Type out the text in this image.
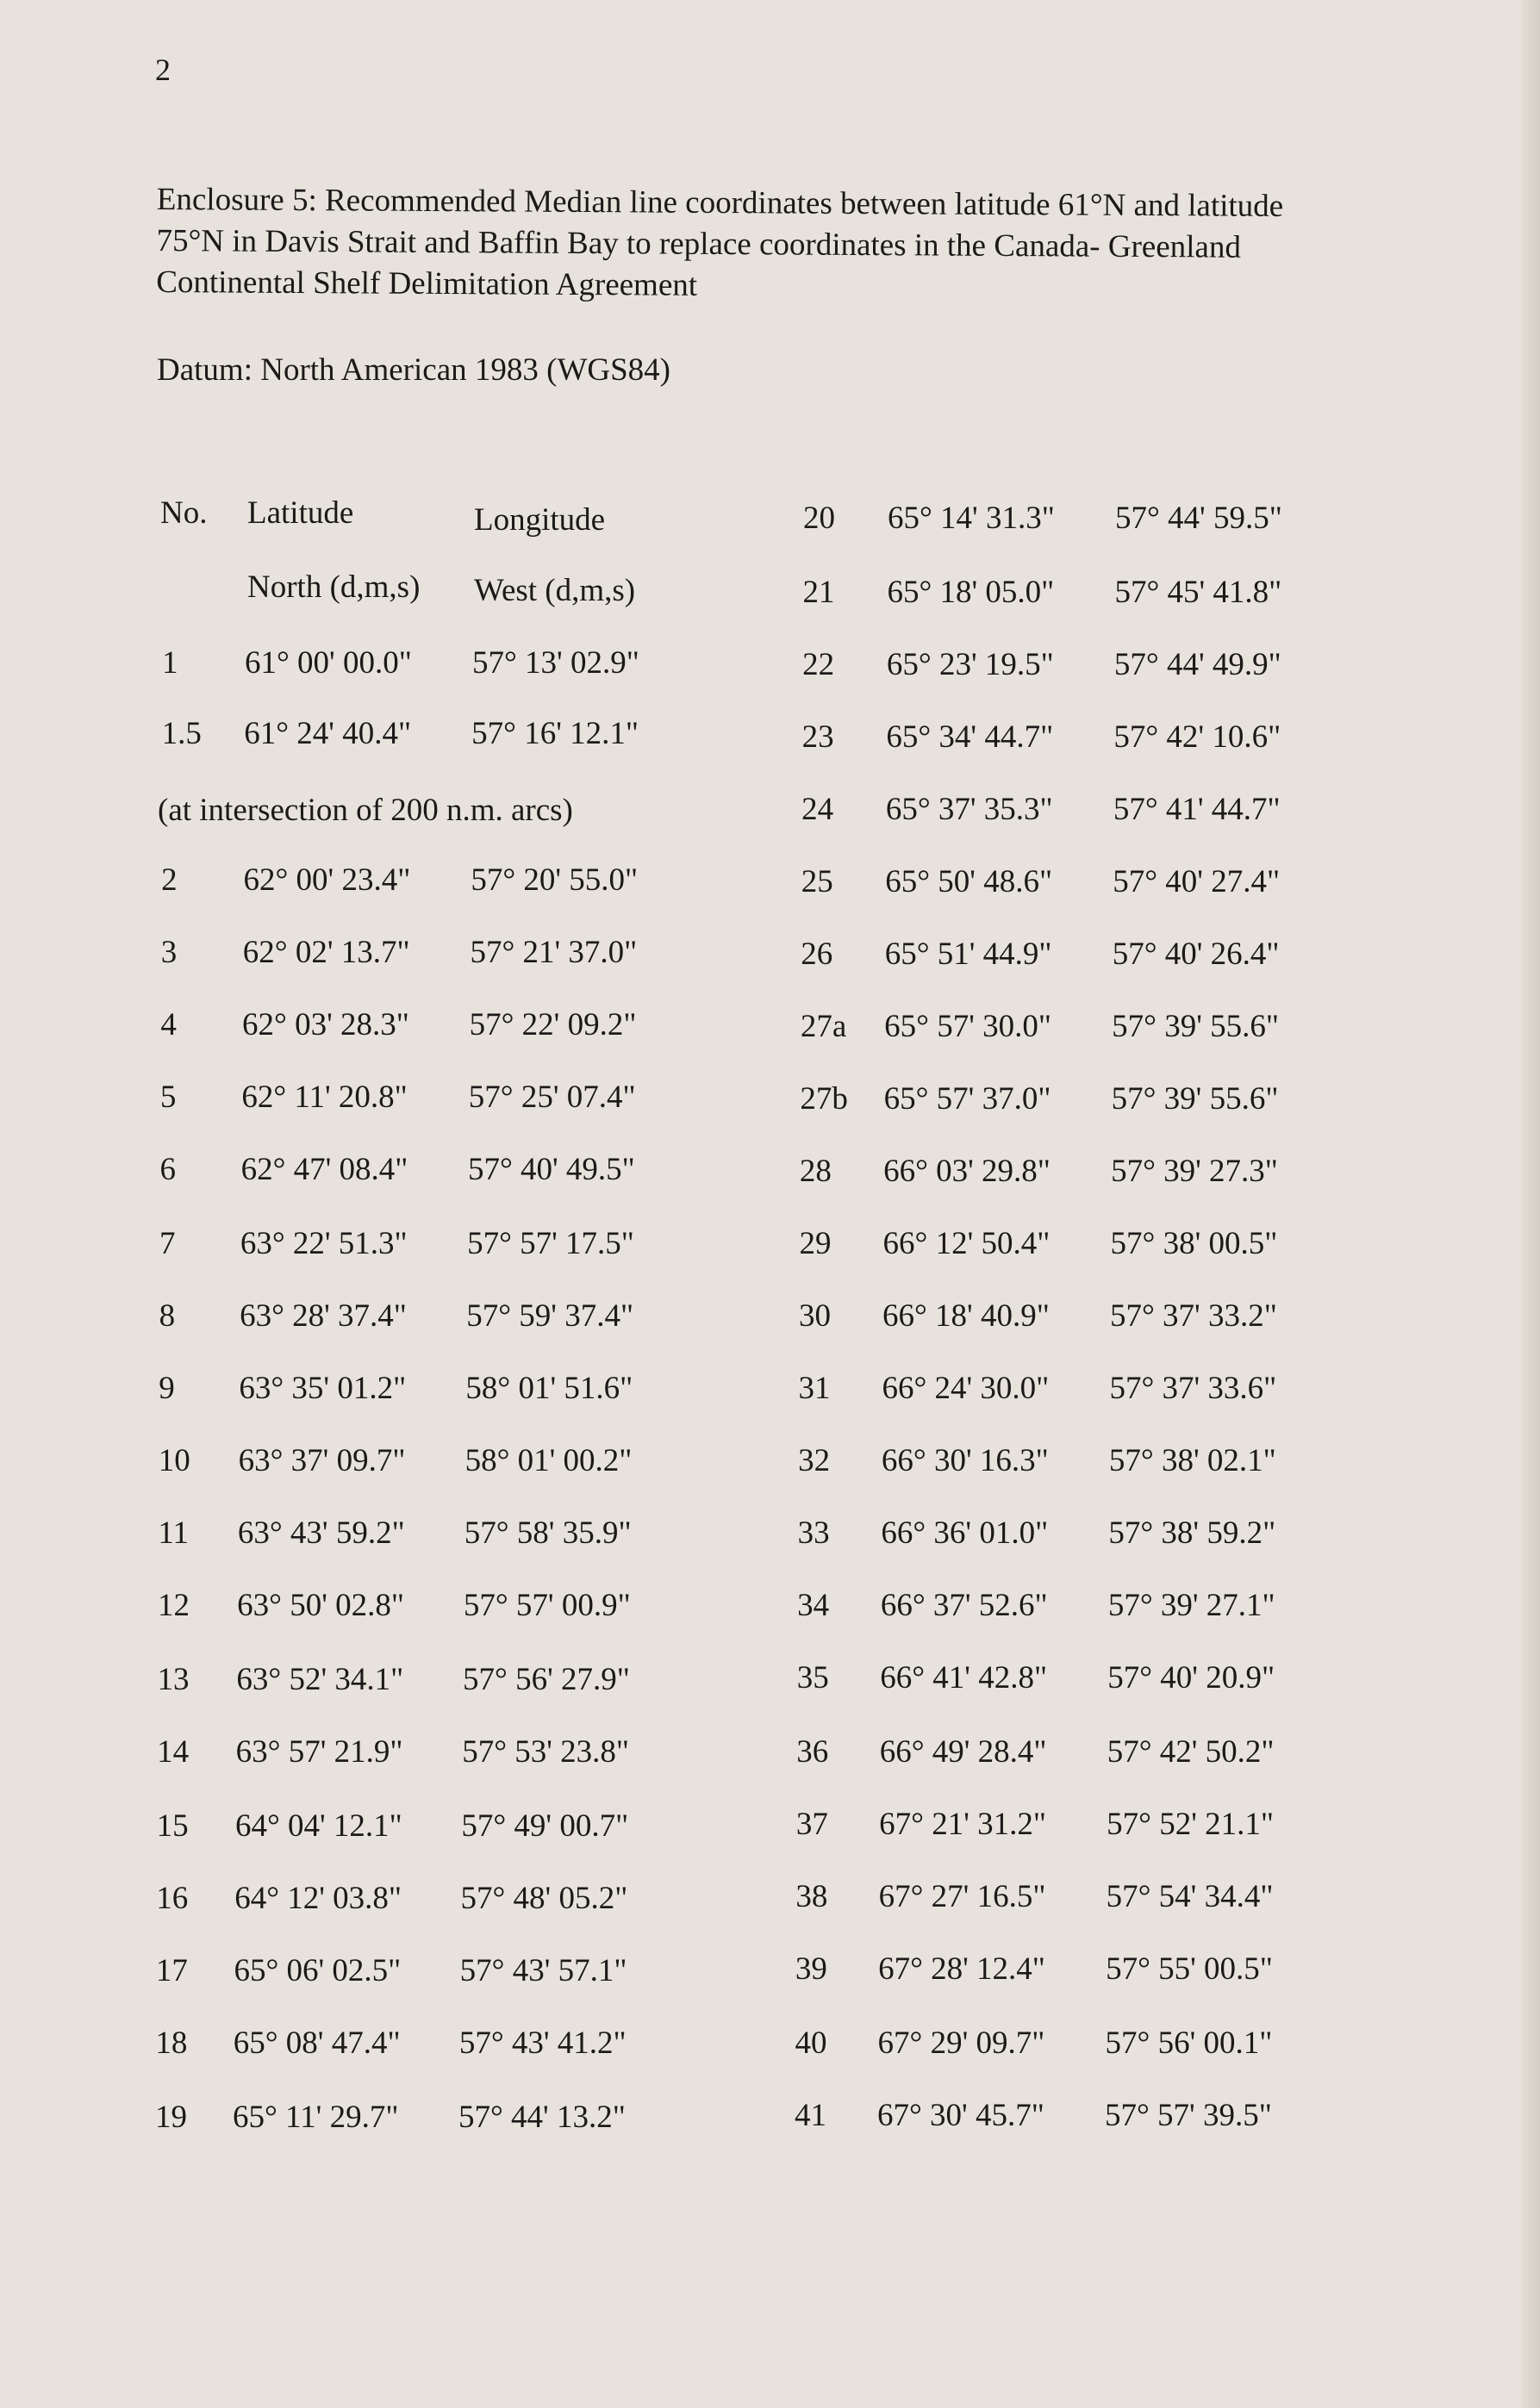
2
Enclosure 5: Recommended Median line coordinates between latitude 61°N and latitude 75°N in Davis Strait and Baffin Bay to replace coordinates in the Canada- Greenland Continental Shelf Delimitation Agreement
Datum: North American 1983 (WGS84)
No. Latitude	Longitude
North (d,m,s) West (d,m,s)
1 61° 00' 00.0" 57° 13' 02.9"
1.5 61° 24' 40.4" 57° 16' 12.1"
2 62° 00' 23.4" 57° 20' 55.0"
3 62° 02' 13.7" 57° 21' 37.0"
4 62° 03' 28.3" 57° 22' 09.2"
5 62° 11' 20.8" 57° 25' 07.4"
6 62° 47' 08.4" 57° 40' 49.5"
7 63° 22' 51.3" 57° 57' 17.5"
8 63° 28' 37.4" 57° 59' 37.4"
9 63° 35' 01.2" 58° 01' 51.6"
10 63° 37' 09.7" 58° 01' 00.2"
11 63° 43' 59.2" 57° 58' 35.9"
12 63° 50' 02.8" 57° 57' 00.9"
13 63° 52' 34.1" 57° 56' 27.9"
14 63° 57' 21.9" 57° 53' 23.8"
15 64° 04' 12.1" 57° 49' 00.7"
16 64° 12' 03.8" 57° 48' 05.2"
17 65° 06' 02.5" 57° 43' 57.1"
18 65° 08' 47.4" 57° 43' 41.2"
19 65° 11' 29.7" 57° 44' 13.2"
(at intersection of 200 n.m. arcs)
20 65° 14' 31.3" 57° 44' 59.5"
21 65° 18' 05.0" 57° 45' 41.8"
22 65° 23' 19.5" 57° 44' 49.9"
23 65° 34' 44.7" 57° 42' 10.6"
24 65° 37' 35.3" 57° 41' 44.7"
25 65° 50' 48.6" 57° 40' 27.4"
26 65° 51' 44.9" 57° 40' 26.4"
27a 65° 57' 30.0" 57° 39' 55.6"
27b 65° 57' 37.0" 57° 39' 55.6"
28 66° 03' 29.8" 57° 39' 27.3"
29 66° 12' 50.4" 57° 38' 00.5"
30 66° 18' 40.9" 57° 37' 33.2"
31 66° 24' 30.0" 57° 37' 33.6"
32 66° 30' 16.3" 57° 38' 02.1"
33 66° 36' 01.0" 57° 38' 59.2"
34 66° 37' 52.6" 57° 39' 27.1"
35 66° 41' 42.8" 57° 40' 20.9"
36 66° 49' 28.4" 57° 42' 50.2"
37 67° 21' 31.2" 57° 52' 21.1"
38 67° 27' 16.5" 57° 54' 34.4"
39 67° 28' 12.4" 57° 55' 00.5"
40 67° 29' 09.7" 57° 56' 00.1"
41 67° 30' 45.7" 57° 57' 39.5"
